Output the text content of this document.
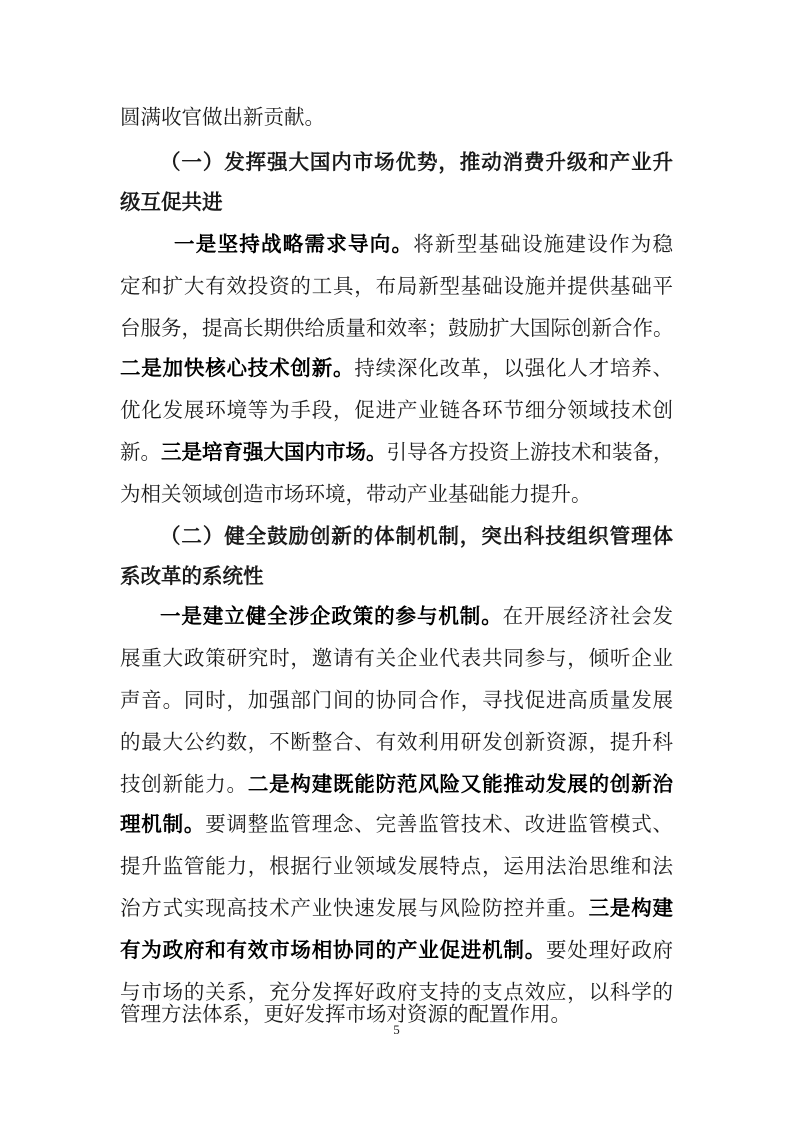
圆满收官做出新贡献。

（一）发挥强大国内市场优势，推动消费升级和产业升

级互促共进

一是坚持战略需求导向。将新型基础设施建设作为稳

定和扩大有效投资的工具，布局新型基础设施并提供基础平

台服务，提高长期供给质量和效率；鼓励扩大国际创新合作。

二是加快核心技术创新。持续深化改革，以强化人才培养、

优化发展环境等为手段，促进产业链各环节细分领域技术创

新。三是培育强大国内市场。引导各方投资上游技术和装备，

为相关领域创造市场环境，带动产业基础能力提升。

（二）健全鼓励创新的体制机制，突出科技组织管理体

系改革的系统性

一是建立健全涉企政策的参与机制。在开展经济社会发

展重大政策研究时，邀请有关企业代表共同参与，倾听企业

声音。同时，加强部门间的协同合作，寻找促进高质量发展

的最大公约数，不断整合、有效利用研发创新资源，提升科

技创新能力。二是构建既能防范风险又能推动发展的创新治

理机制。要调整监管理念、完善监管技术、改进监管模式、

提升监管能力，根据行业领域发展特点，运用法治思维和法

治方式实现高技术产业快速发展与风险防控并重。三是构建

有为政府和有效市场相协同的产业促进机制。要处理好政府

与市场的关系，充分发挥好政府支持的支点效应，以科学的

管理方法体系，更好发挥市场对资源的配置作用。

5
